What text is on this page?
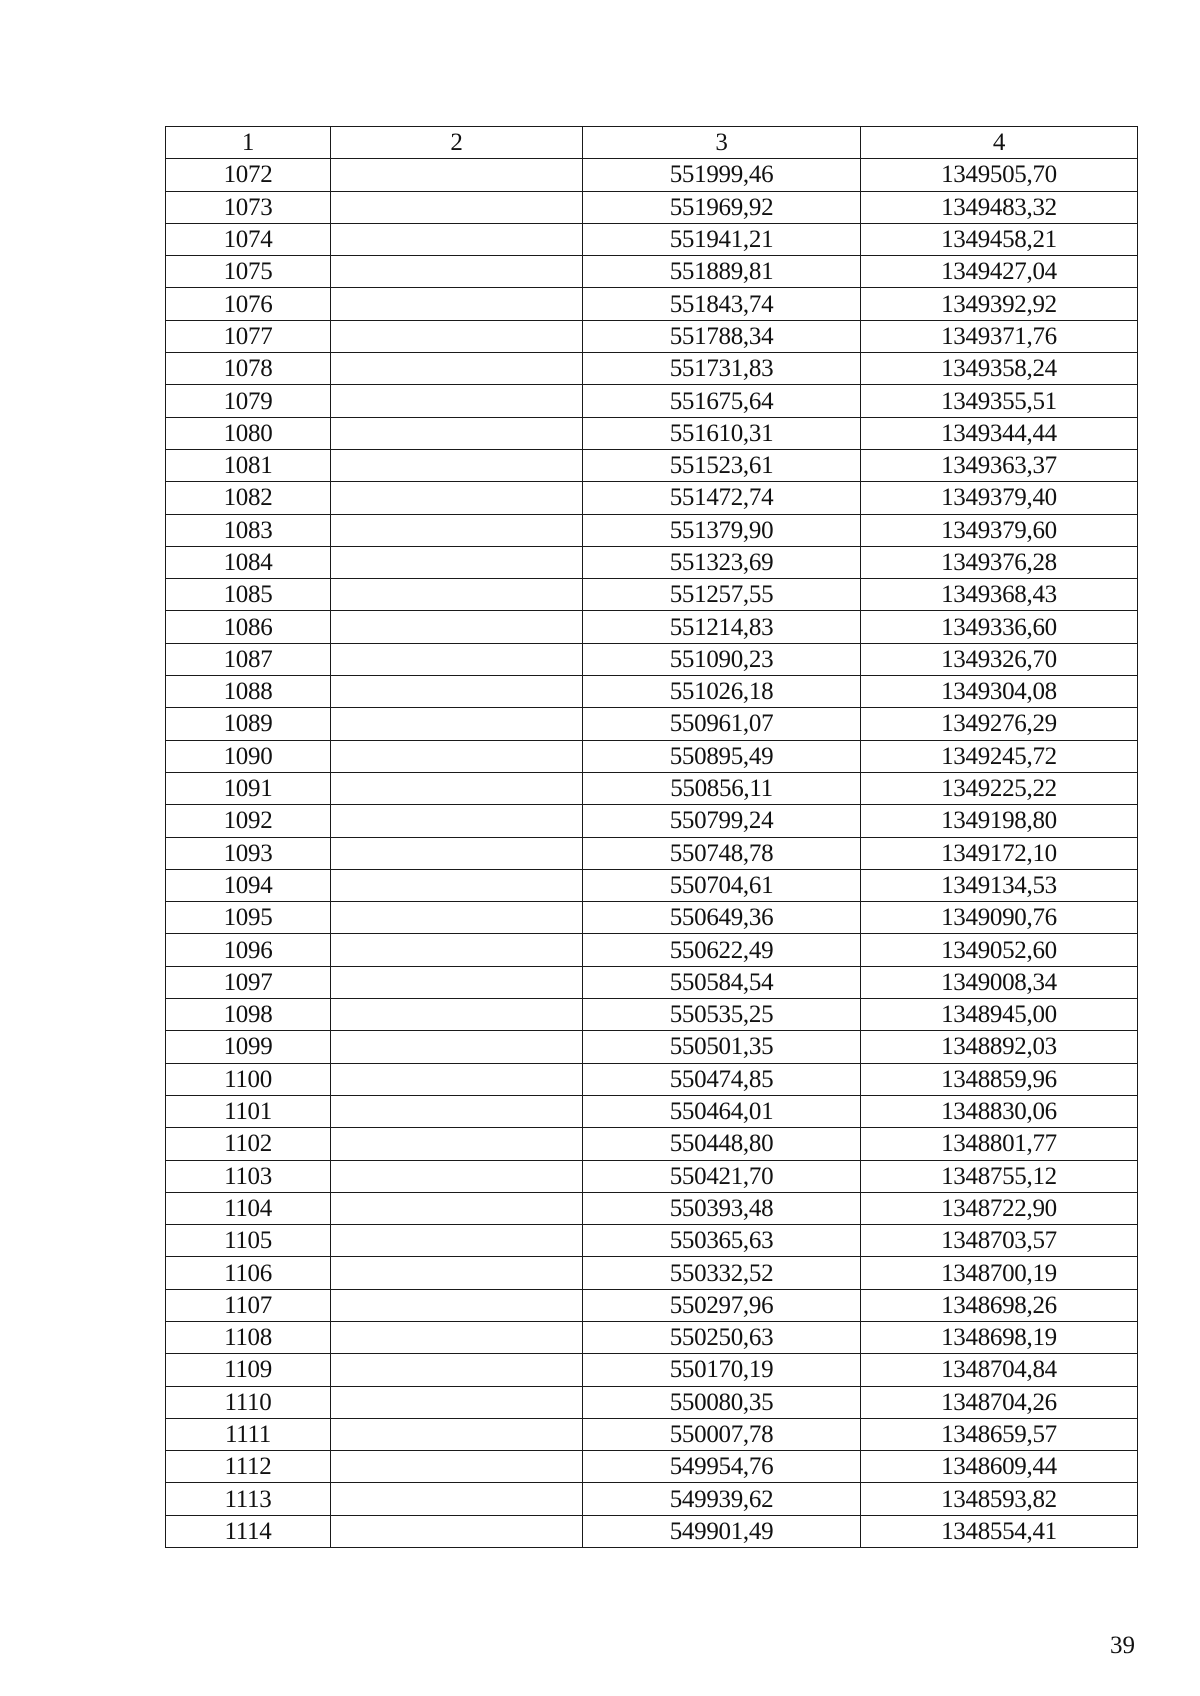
1	2	3	4
1072		551999,46	1349505,70
1073		551969,92	1349483,32
1074		551941,21	1349458,21
1075		551889,81	1349427,04
1076		551843,74	1349392,92
1077		551788,34	1349371,76
1078		551731,83	1349358,24
1079		551675,64	1349355,51
1080		551610,31	1349344,44
1081		551523,61	1349363,37
1082		551472,74	1349379,40
1083		551379,90	1349379,60
1084		551323,69	1349376,28
1085		551257,55	1349368,43
1086		551214,83	1349336,60
1087		551090,23	1349326,70
1088		551026,18	1349304,08
1089		550961,07	1349276,29
1090		550895,49	1349245,72
1091		550856,11	1349225,22
1092		550799,24	1349198,80
1093		550748,78	1349172,10
1094		550704,61	1349134,53
1095		550649,36	1349090,76
1096		550622,49	1349052,60
1097		550584,54	1349008,34
1098		550535,25	1348945,00
1099		550501,35	1348892,03
1100		550474,85	1348859,96
1101		550464,01	1348830,06
1102		550448,80	1348801,77
1103		550421,70	1348755,12
1104		550393,48	1348722,90
1105		550365,63	1348703,57
1106		550332,52	1348700,19
1107		550297,96	1348698,26
1108		550250,63	1348698,19
1109		550170,19	1348704,84
1110		550080,35	1348704,26
1111		550007,78	1348659,57
1112		549954,76	1348609,44
1113		549939,62	1348593,82
1114		549901,49	1348554,41
39
